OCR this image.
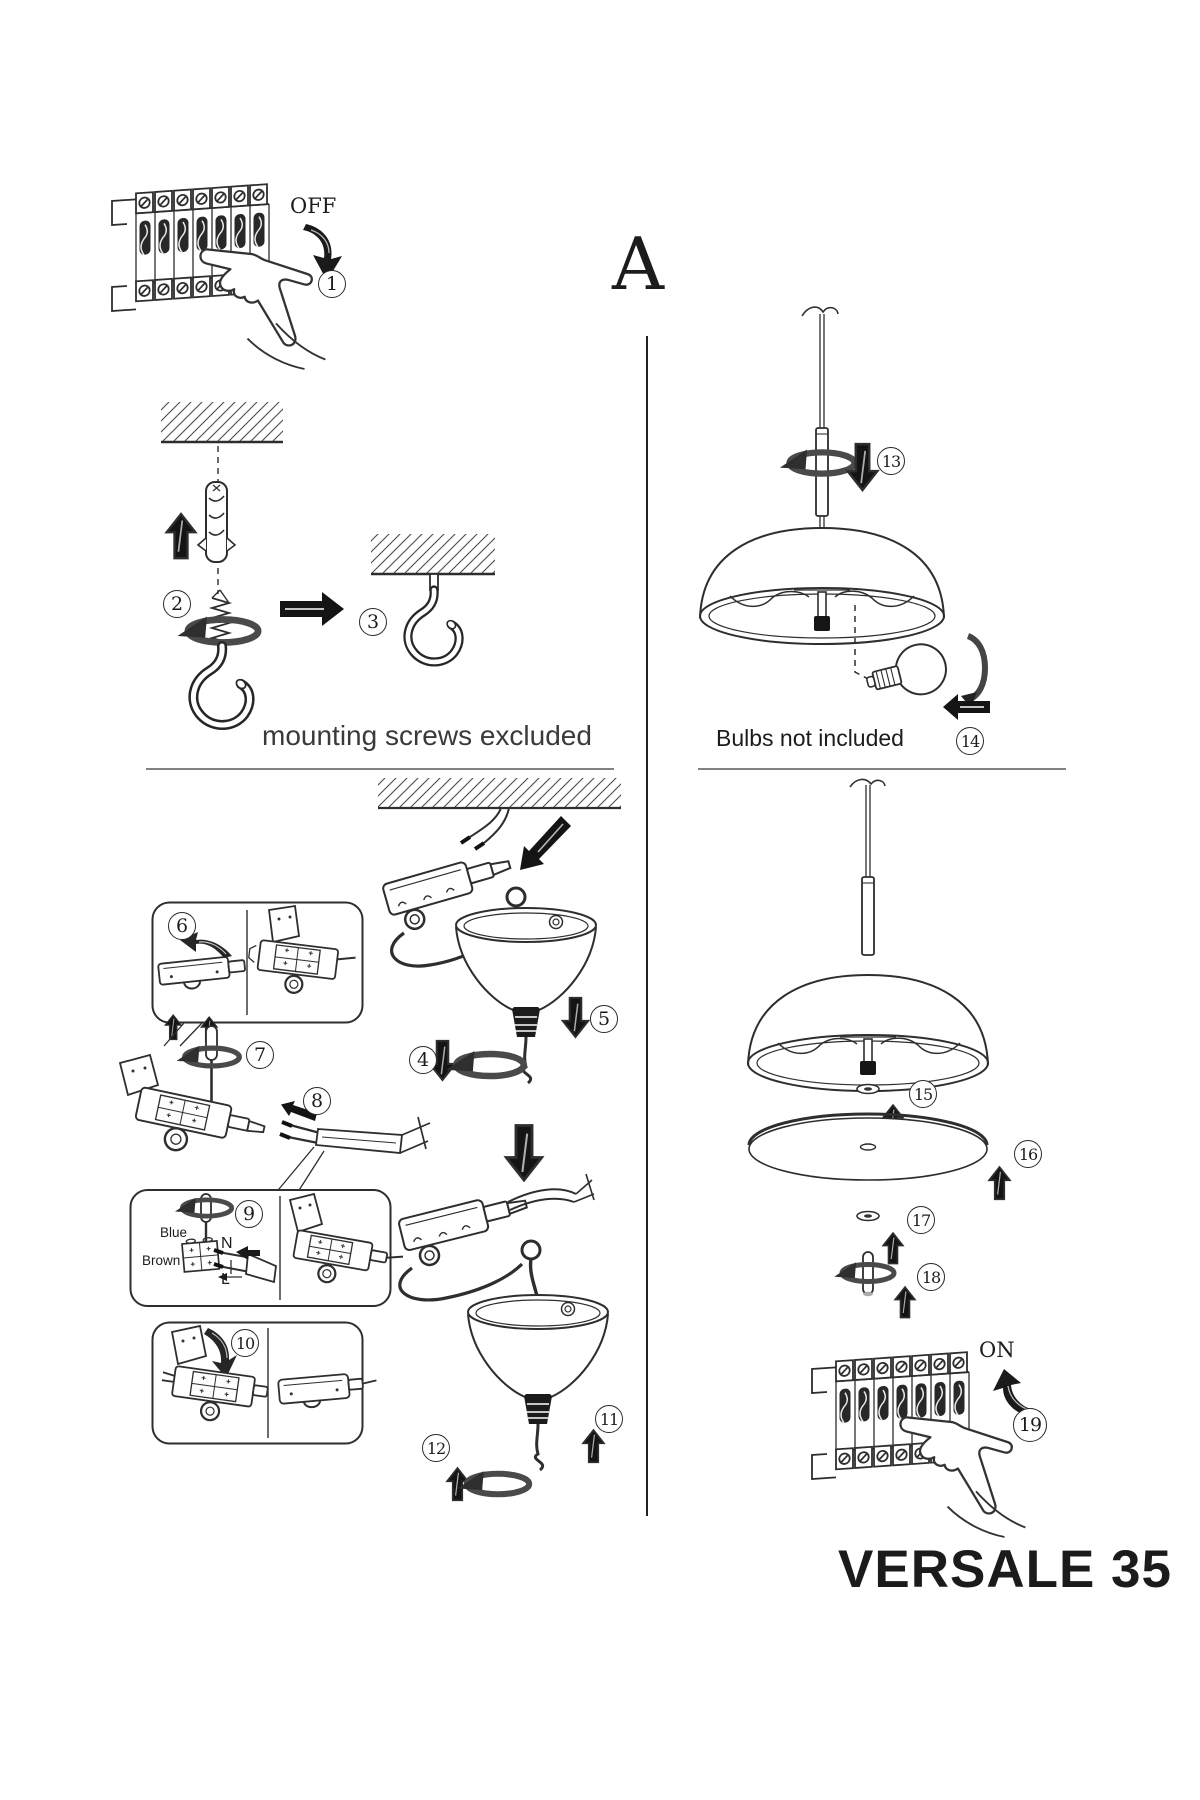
OFF
1	A
2
3
mounting screws excluded
13
14
Bulbs not included
5
4
6
7
8
9
Blue
Brown
N
L
10
11
12
15
16
17
18
ON
19
VERSALE 35
